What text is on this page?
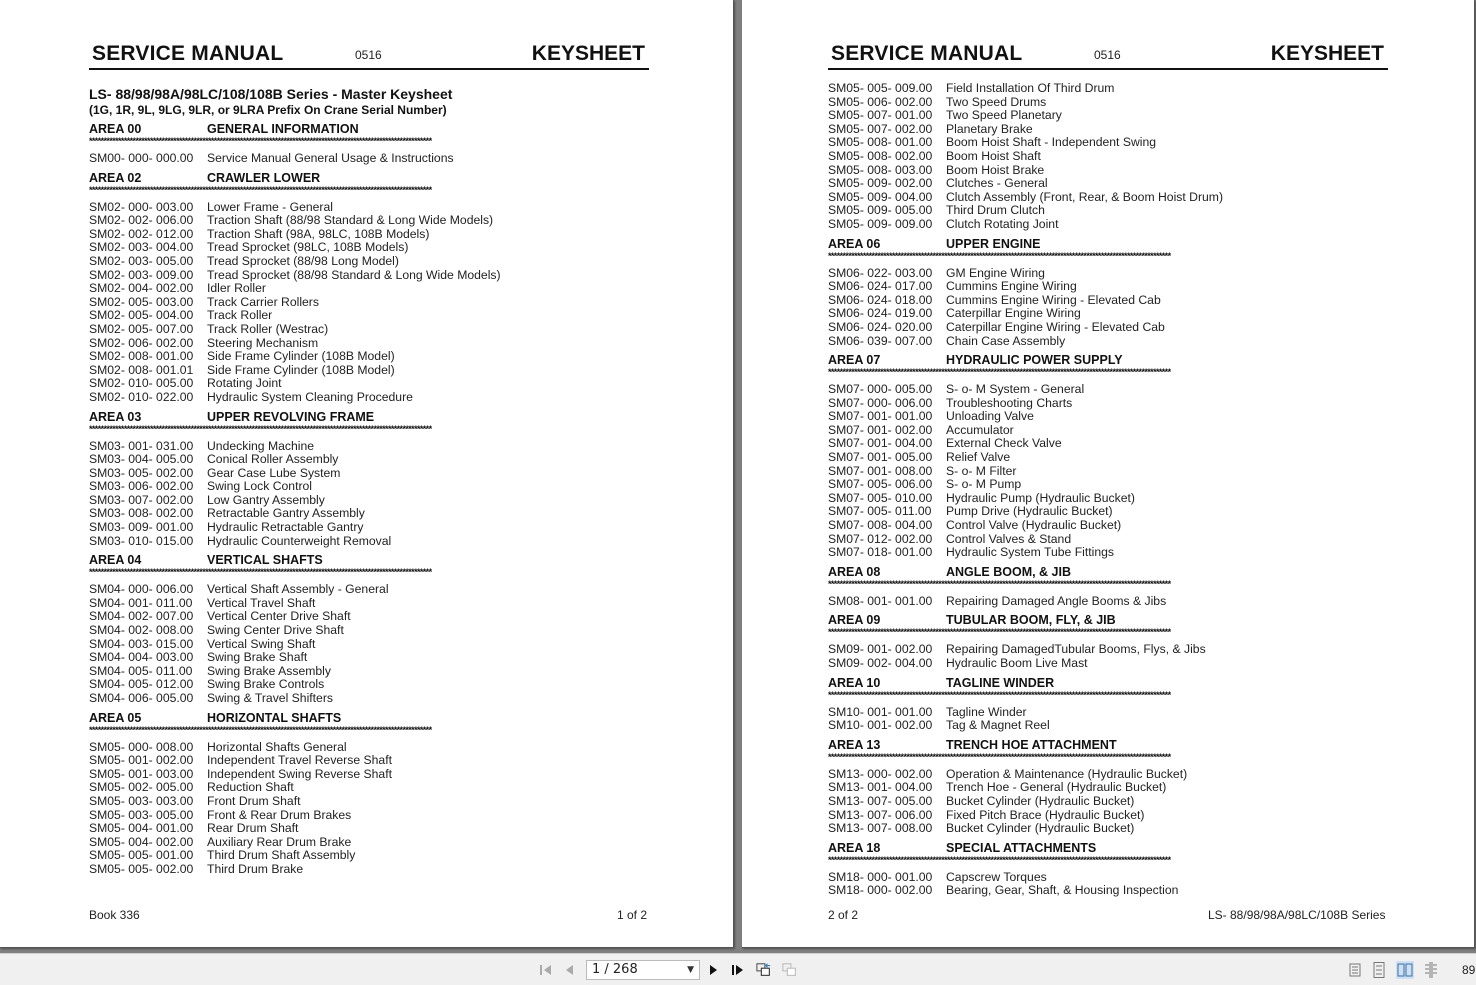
SERVICE MANUAL	0516	KEYSHEET
LS- 88/98/98A/98LC/108/108B Series - Master Keysheet
(1G, 1R, 9L, 9LG, 9LR, or 9LRA Prefix On Crane Serial Number)
AREA 00	GENERAL INFORMATION
**********************************************************************************************************************
SM00- 000- 000.00	Service Manual General Usage & Instructions
AREA 02	CRAWLER LOWER
**********************************************************************************************************************
SM02- 000- 003.00	Lower Frame - General
SM02- 002- 006.00	Traction Shaft (88/98 Standard & Long Wide Models)
SM02- 002- 012.00	Traction Shaft (98A, 98LC, 108B Models)
SM02- 003- 004.00	Tread Sprocket (98LC, 108B Models)
SM02- 003- 005.00	Tread Sprocket (88/98 Long Model)
SM02- 003- 009.00	Tread Sprocket (88/98 Standard & Long Wide Models)
SM02- 004- 002.00	Idler Roller
SM02- 005- 003.00	Track Carrier Rollers
SM02- 005- 004.00	Track Roller
SM02- 005- 007.00	Track Roller (Westrac)
SM02- 006- 002.00	Steering Mechanism
SM02- 008- 001.00	Side Frame Cylinder (108B Model)
SM02- 008- 001.01	Side Frame Cylinder (108B Model)
SM02- 010- 005.00	Rotating Joint
SM02- 010- 022.00	Hydraulic System Cleaning Procedure
AREA 03	UPPER REVOLVING FRAME
**********************************************************************************************************************
SM03- 001- 031.00	Undecking Machine
SM03- 004- 005.00	Conical Roller Assembly
SM03- 005- 002.00	Gear Case Lube System
SM03- 006- 002.00	Swing Lock Control
SM03- 007- 002.00	Low Gantry Assembly
SM03- 008- 002.00	Retractable Gantry Assembly
SM03- 009- 001.00	Hydraulic Retractable Gantry
SM03- 010- 015.00	Hydraulic Counterweight Removal
AREA 04	VERTICAL SHAFTS
**********************************************************************************************************************
SM04- 000- 006.00	Vertical Shaft Assembly - General
SM04- 001- 011.00	Vertical Travel Shaft
SM04- 002- 007.00	Vertical Center Drive Shaft
SM04- 002- 008.00	Swing Center Drive Shaft
SM04- 003- 015.00	Vertical Swing Shaft
SM04- 004- 003.00	Swing Brake Shaft
SM04- 005- 011.00	Swing Brake Assembly
SM04- 005- 012.00	Swing Brake Controls
SM04- 006- 005.00	Swing & Travel Shifters
AREA 05	HORIZONTAL SHAFTS
**********************************************************************************************************************
SM05- 000- 008.00	Horizontal Shafts General
SM05- 001- 002.00	Independent Travel Reverse Shaft
SM05- 001- 003.00	Independent Swing Reverse Shaft
SM05- 002- 005.00	Reduction Shaft
SM05- 003- 003.00	Front Drum Shaft
SM05- 003- 005.00	Front & Rear Drum Brakes
SM05- 004- 001.00	Rear Drum Shaft
SM05- 004- 002.00	Auxiliary Rear Drum Brake
SM05- 005- 001.00	Third Drum Shaft Assembly
SM05- 005- 002.00	Third Drum Brake
Book 336	1 of 2
SERVICE MANUAL	0516	KEYSHEET
SM05- 005- 009.00	Field Installation Of Third Drum
SM05- 006- 002.00	Two Speed Drums
SM05- 007- 001.00	Two Speed Planetary
SM05- 007- 002.00	Planetary Brake
SM05- 008- 001.00	Boom Hoist Shaft - Independent Swing
SM05- 008- 002.00	Boom Hoist Shaft
SM05- 008- 003.00	Boom Hoist Brake
SM05- 009- 002.00	Clutches - General
SM05- 009- 004.00	Clutch Assembly (Front, Rear, & Boom Hoist Drum)
SM05- 009- 005.00	Third Drum Clutch
SM05- 009- 009.00	Clutch Rotating Joint
AREA 06	UPPER ENGINE
**********************************************************************************************************************
SM06- 022- 003.00	GM Engine Wiring
SM06- 024- 017.00	Cummins Engine Wiring
SM06- 024- 018.00	Cummins Engine Wiring - Elevated Cab
SM06- 024- 019.00	Caterpillar Engine Wiring
SM06- 024- 020.00	Caterpillar Engine Wiring - Elevated Cab
SM06- 039- 007.00	Chain Case Assembly
AREA 07	HYDRAULIC POWER SUPPLY
**********************************************************************************************************************
SM07- 000- 005.00	S- o- M System - General
SM07- 000- 006.00	Troubleshooting Charts
SM07- 001- 001.00	Unloading Valve
SM07- 001- 002.00	Accumulator
SM07- 001- 004.00	External Check Valve
SM07- 001- 005.00	Relief Valve
SM07- 001- 008.00	S- o- M Filter
SM07- 005- 006.00	S- o- M Pump
SM07- 005- 010.00	Hydraulic Pump (Hydraulic Bucket)
SM07- 005- 011.00	Pump Drive (Hydraulic Bucket)
SM07- 008- 004.00	Control Valve (Hydraulic Bucket)
SM07- 012- 002.00	Control Valves & Stand
SM07- 018- 001.00	Hydraulic System Tube Fittings
AREA 08	ANGLE BOOM, & JIB
**********************************************************************************************************************
SM08- 001- 001.00	Repairing Damaged Angle Booms & Jibs
AREA 09	TUBULAR BOOM, FLY, & JIB
**********************************************************************************************************************
SM09- 001- 002.00	Repairing DamagedTubular Booms, Flys, & Jibs
SM09- 002- 004.00	Hydraulic Boom Live Mast
AREA 10	TAGLINE WINDER
**********************************************************************************************************************
SM10- 001- 001.00	Tagline Winder
SM10- 001- 002.00	Tag & Magnet Reel
AREA 13	TRENCH HOE ATTACHMENT
**********************************************************************************************************************
SM13- 000- 002.00	Operation & Maintenance (Hydraulic Bucket)
SM13- 001- 004.00	Trench Hoe - General (Hydraulic Bucket)
SM13- 007- 005.00	Bucket Cylinder (Hydraulic Bucket)
SM13- 007- 006.00	Fixed Pitch Brace (Hydraulic Bucket)
SM13- 007- 008.00	Bucket Cylinder (Hydraulic Bucket)
AREA 18	SPECIAL ATTACHMENTS
**********************************************************************************************************************
SM18- 000- 001.00	Capscrew Torques
SM18- 000- 002.00	Bearing, Gear, Shaft, & Housing Inspection
2 of 2	LS- 88/98/98A/98LC/108B Series
1 / 268	▼	89
